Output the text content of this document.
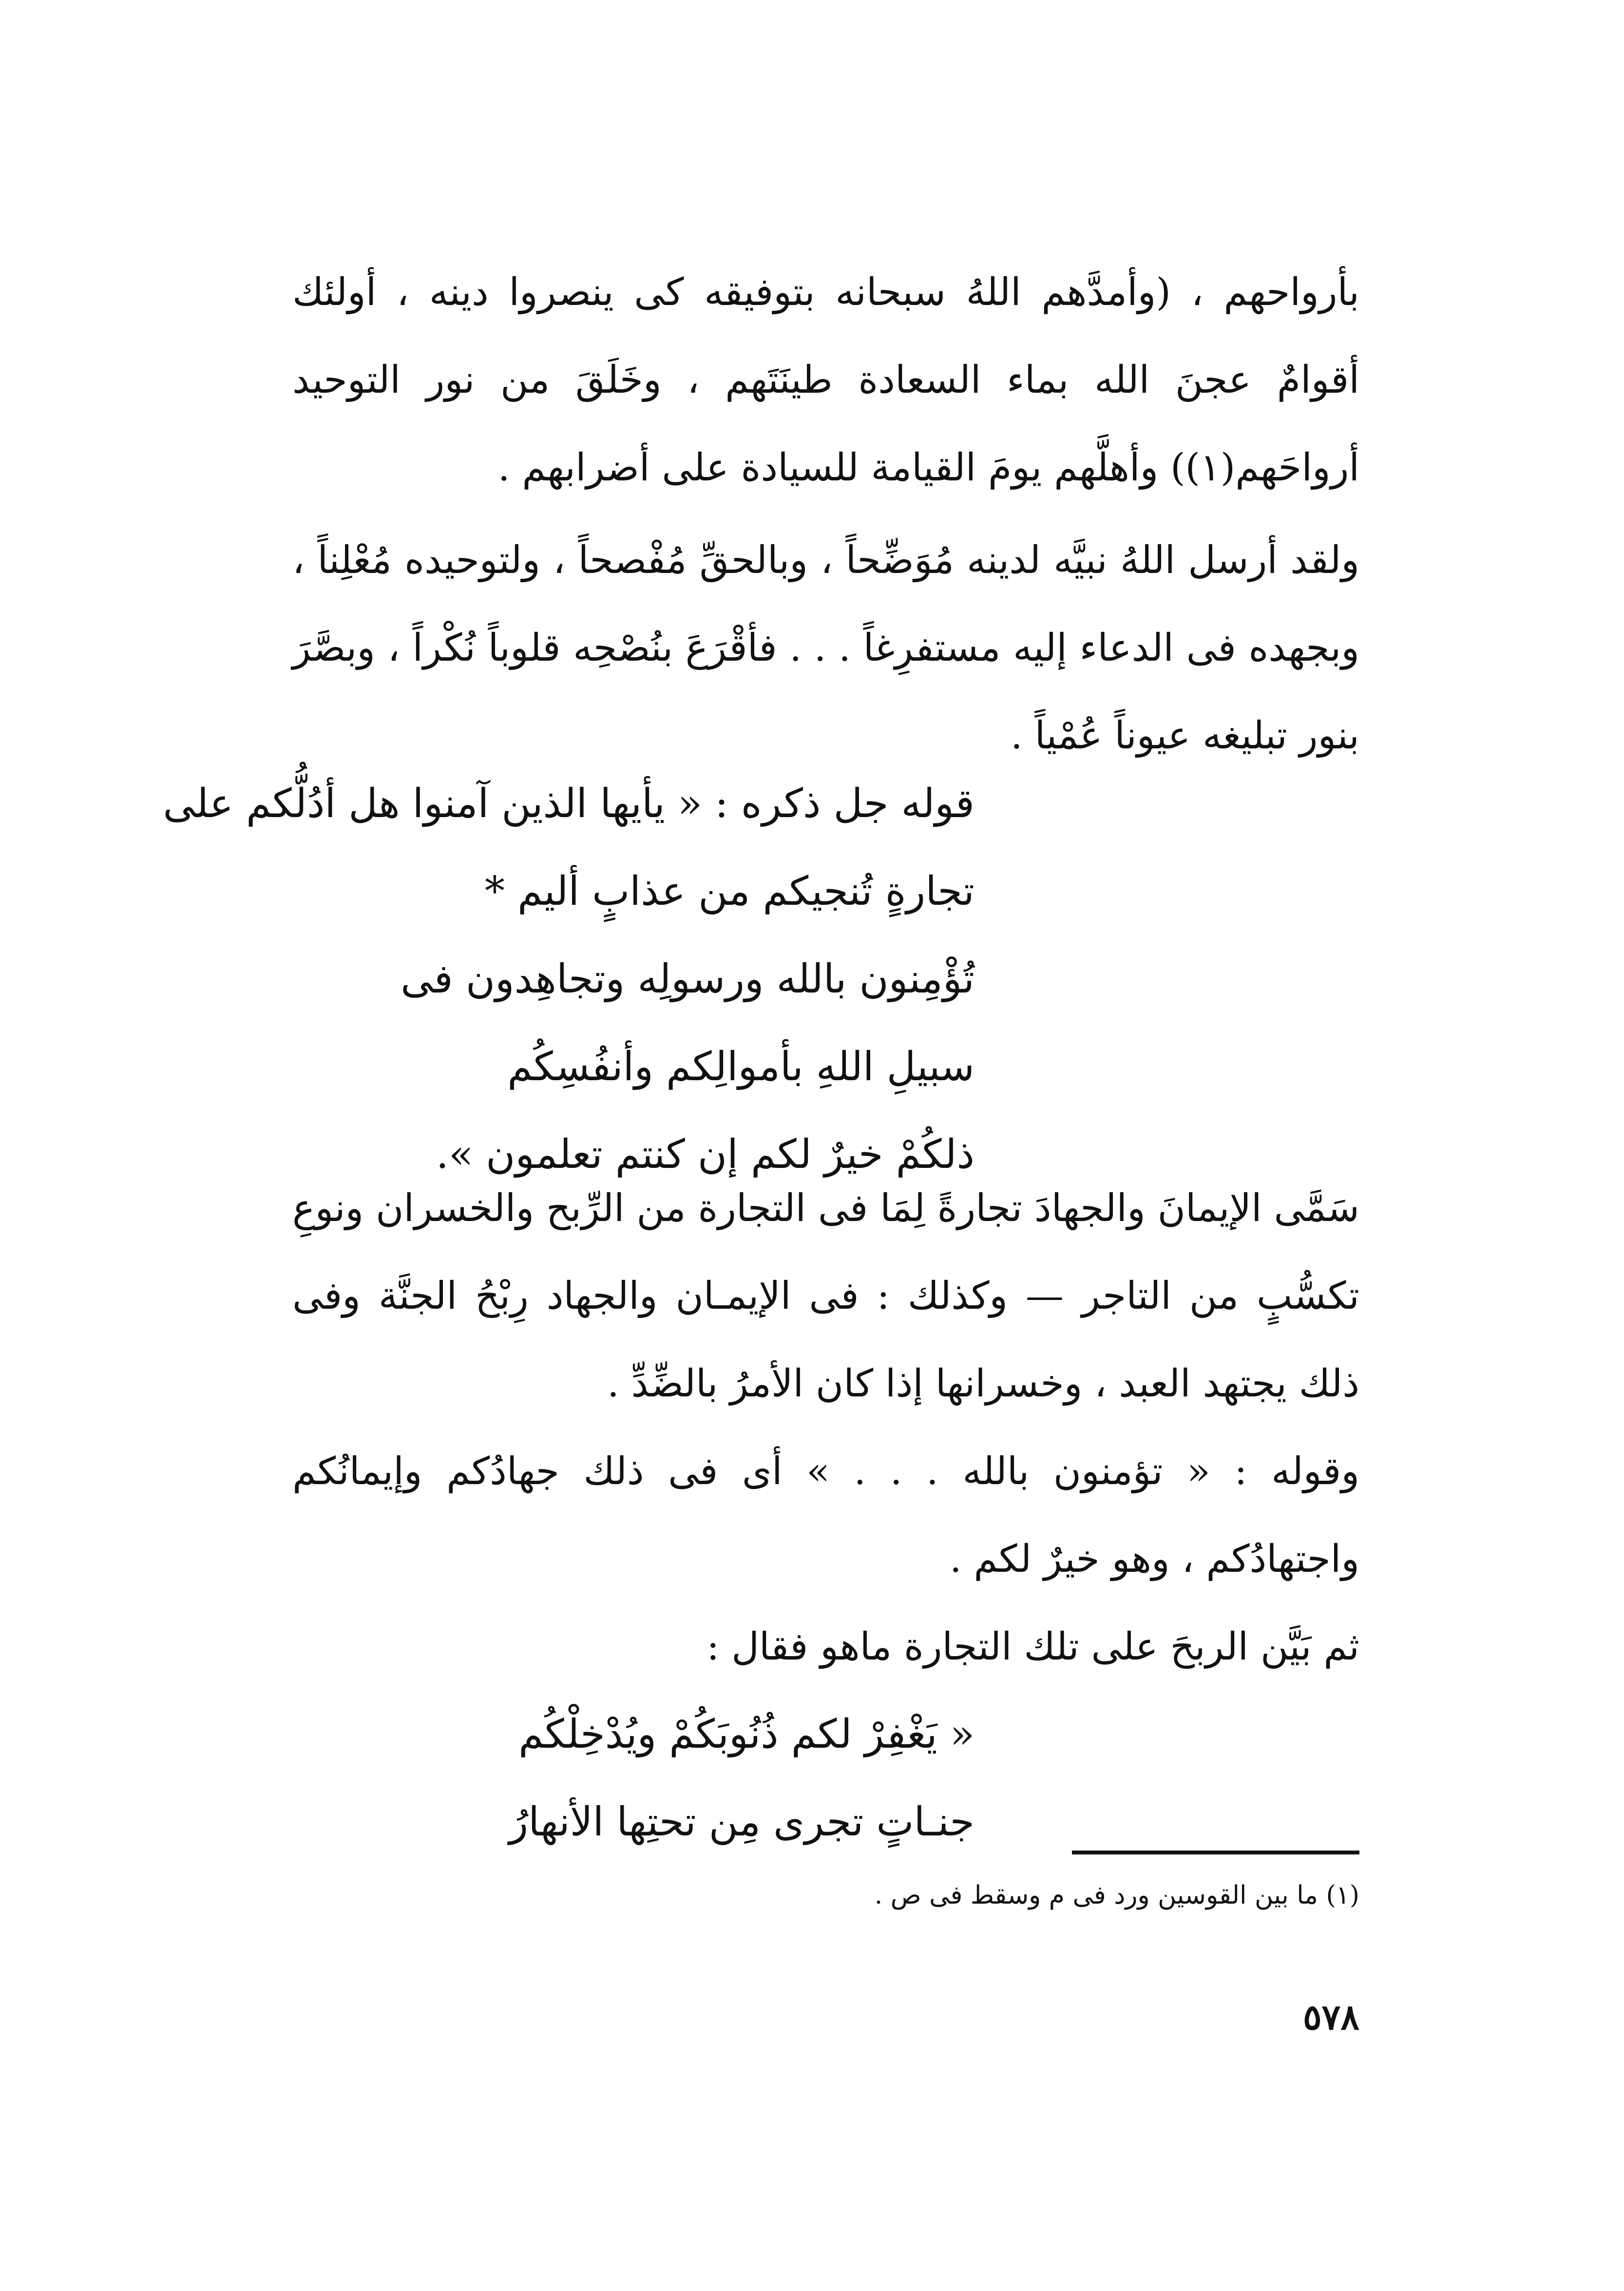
بأرواحهم ، (وأمدَّهم اللهُ سبحانه بتوفيقه كى ينصروا دينه ، أولئك أقوامٌ عجنَ الله بماء السعادة طينَتَهم ، وخَلَقَ من نور التوحيد أرواحَهم(١)) وأهلَّهم يومَ القيامة للسيادة على أضرابهم .
ولقد أرسل اللهُ نبيَّه لدينه مُوَضِّحاً ، وبالحقِّ مُفْصحاً ، ولتوحيده مُعْلِناً ، وبجهده فى الدعاء إليه مستفرِغاً . . . فأقْرَعَ بنُصْحِه قلوباً نُكْراً ، وبصَّرَ بنور تبليغه عيوناً عُمْياً .
قوله جل ذكره : « يأيها الذين آمنوا هل أدُلُّكم على
تجارةٍ تُنجيكم من عذابٍ أليم *
تُؤْمِنون بالله ورسولِه وتجاهِدون فى
سبيلِ اللهِ بأموالِكم وأنفُسِكُم
ذلكُمْ خيرٌ لكم إن كنتم تعلمون ».
سَمَّى الإيمانَ والجهادَ تجارةً لِمَا فى التجارة من الرِّبح والخسران ونوعِ تكسُّبٍ من التاجر — وكذلك : فى الإيمـان والجهاد رِبْحُ الجنَّة وفى ذلك يجتهد العبد ، وخسرانها إذا كان الأمرُ بالضِّدِّ .
وقوله : « تؤمنون بالله . . . » أى فى ذلك جهادُكم وإيمانُكم واجتهادُكم ، وهو خيرٌ لكم .
ثم بَيَّن الربحَ على تلك التجارة ماهو فقال :
« يَغْفِرْ لكم ذُنُوبَكُمْ ويُدْخِلْكُم
جنـاتٍ تجرى مِن تحتِها الأنهارُ
(١) ما بين القوسين ورد فى م وسقط فى ص .
٥٧٨
